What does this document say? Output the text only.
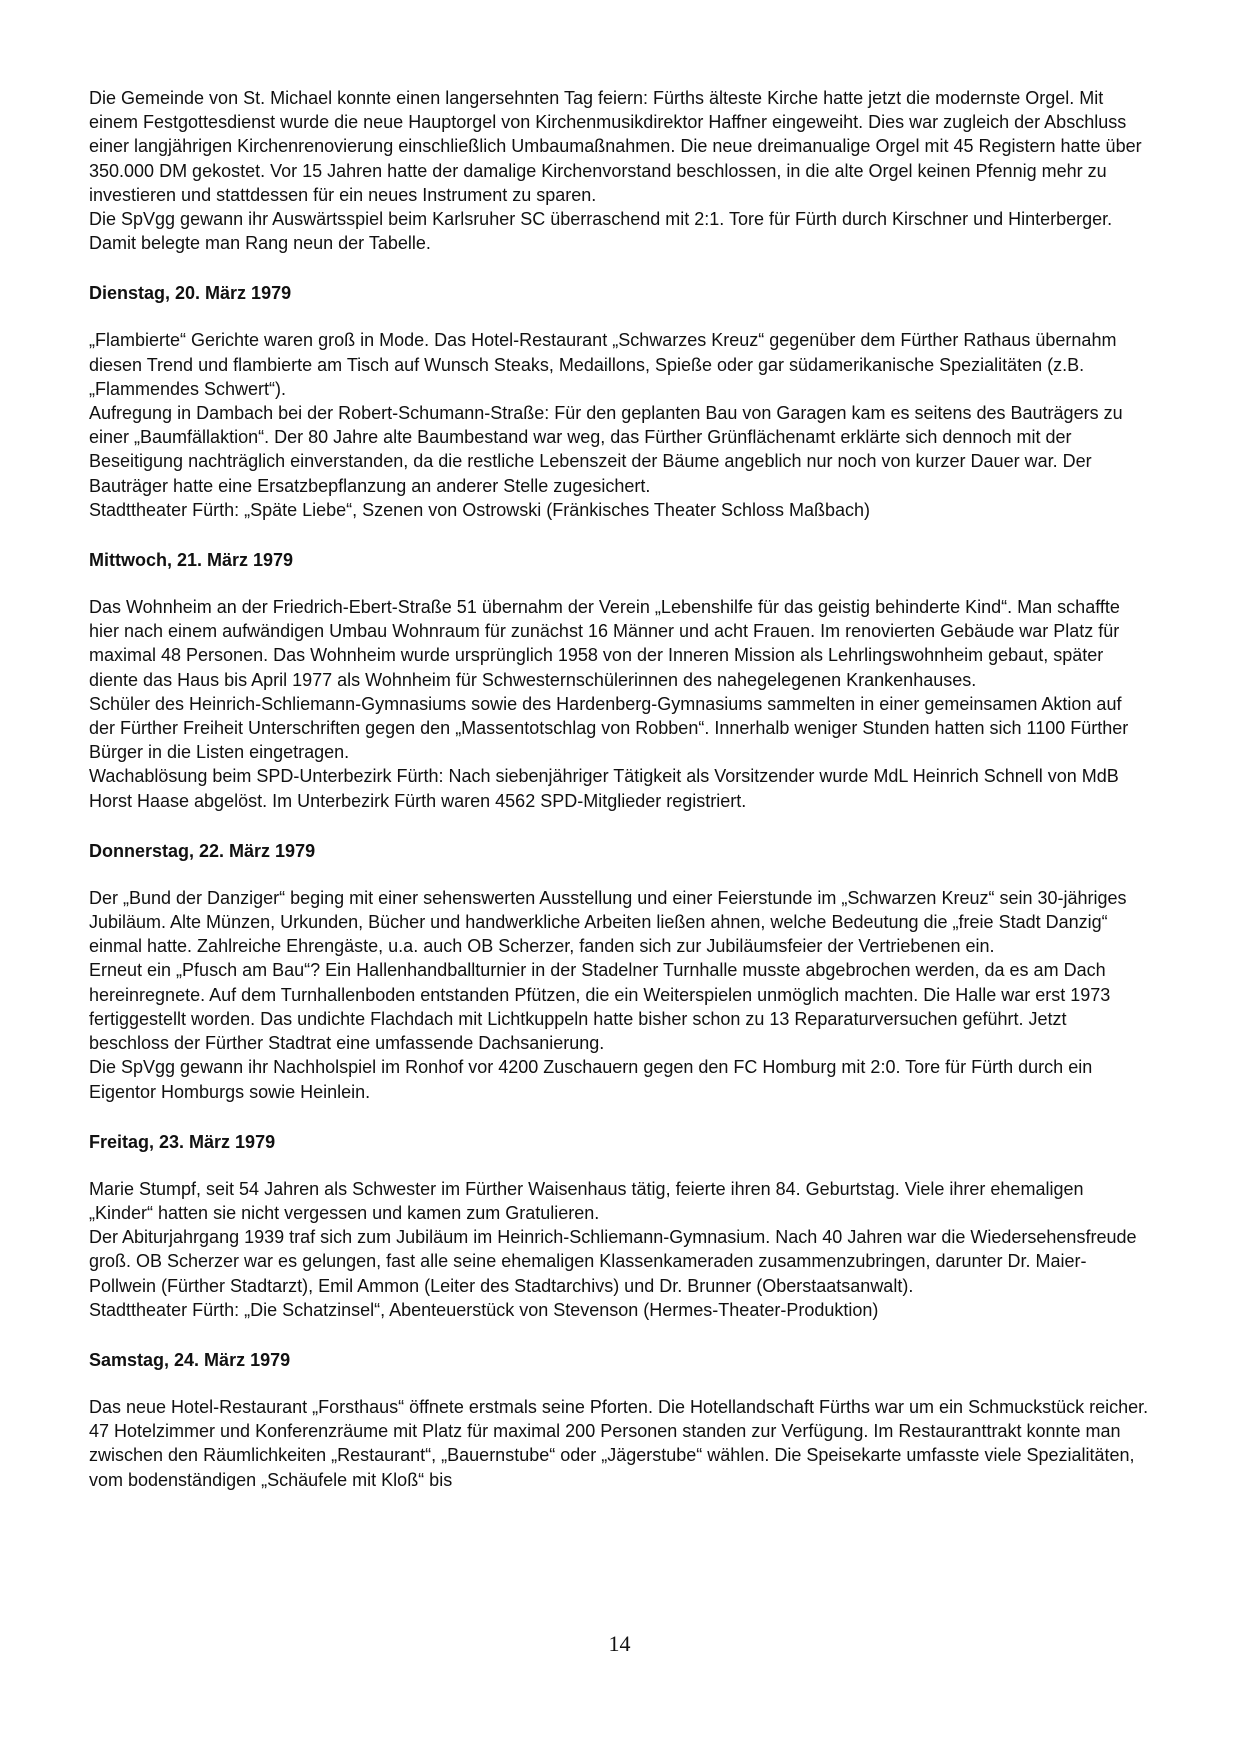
Die Gemeinde von St. Michael konnte einen langersehnten Tag feiern: Fürths älteste Kirche hatte jetzt die modernste Orgel. Mit einem Festgottesdienst wurde die neue Hauptorgel von Kirchenmusikdirektor Haffner eingeweiht. Dies war zugleich der Abschluss einer langjährigen Kirchenrenovierung einschließlich Umbaumaßnahmen. Die neue dreimanualige Orgel mit 45 Registern hatte über 350.000 DM gekostet. Vor 15 Jahren hatte der damalige Kirchenvorstand beschlossen, in die alte Orgel keinen Pfennig mehr zu investieren und stattdessen für ein neues Instrument zu sparen.

Die SpVgg gewann ihr Auswärtsspiel beim Karlsruher SC überraschend mit 2:1. Tore für Fürth durch Kirschner und Hinterberger. Damit belegte man Rang neun der Tabelle.

Dienstag, 20. März 1979

„Flambierte“ Gerichte waren groß in Mode. Das Hotel-Restaurant „Schwarzes Kreuz“ gegenüber dem Fürther Rathaus übernahm diesen Trend und flambierte am Tisch auf Wunsch Steaks, Medaillons, Spieße oder gar südamerikanische Spezialitäten (z.B. „Flammendes Schwert“).

Aufregung in Dambach bei der Robert-Schumann-Straße: Für den geplanten Bau von Garagen kam es seitens des Bauträgers zu einer „Baumfällaktion“. Der 80 Jahre alte Baumbestand war weg, das Fürther Grünflächenamt erklärte sich dennoch mit der Beseitigung nachträglich einverstanden, da die restliche Lebenszeit der Bäume angeblich nur noch von kurzer Dauer war. Der Bauträger hatte eine Ersatzbepflanzung an anderer Stelle zugesichert.

Stadttheater Fürth: „Späte Liebe“, Szenen von Ostrowski (Fränkisches Theater Schloss Maßbach)

Mittwoch, 21. März 1979

Das Wohnheim an der Friedrich-Ebert-Straße 51 übernahm der Verein „Lebenshilfe für das geistig behinderte Kind“. Man schaffte hier nach einem aufwändigen Umbau Wohnraum für zunächst 16 Männer und acht Frauen. Im renovierten Gebäude war Platz für maximal 48 Personen. Das Wohnheim wurde ursprünglich 1958 von der Inneren Mission als Lehrlingswohnheim gebaut, später diente das Haus bis April 1977 als Wohnheim für Schwesternschülerinnen des nahegelegenen Krankenhauses.

Schüler des Heinrich-Schliemann-Gymnasiums sowie des Hardenberg-Gymnasiums sammelten in einer gemeinsamen Aktion auf der Fürther Freiheit Unterschriften gegen den „Massentotschlag von Robben“. Innerhalb weniger Stunden hatten sich 1100 Fürther Bürger in die Listen eingetragen.

Wachablösung beim SPD-Unterbezirk Fürth: Nach siebenjähriger Tätigkeit als Vorsitzender wurde MdL Heinrich Schnell von MdB Horst Haase abgelöst. Im Unterbezirk Fürth waren 4562 SPD-Mitglieder registriert.

Donnerstag, 22. März 1979

Der „Bund der Danziger“ beging mit einer sehenswerten Ausstellung und einer Feierstunde im „Schwarzen Kreuz“ sein 30-jähriges Jubiläum. Alte Münzen, Urkunden, Bücher und handwerkliche Arbeiten ließen ahnen, welche Bedeutung die „freie Stadt Danzig“ einmal hatte. Zahlreiche Ehrengäste, u.a. auch OB Scherzer, fanden sich zur Jubiläumsfeier der Vertriebenen ein.

Erneut ein „Pfusch am Bau“? Ein Hallenhandballturnier in der Stadelner Turnhalle musste abgebrochen werden, da es am Dach hereinregnete. Auf dem Turnhallenboden entstanden Pfützen, die ein Weiterspielen unmöglich machten. Die Halle war erst 1973 fertiggestellt worden. Das undichte Flachdach mit Lichtkuppeln hatte bisher schon zu 13 Reparaturversuchen geführt. Jetzt beschloss der Fürther Stadtrat eine umfassende Dachsanierung.

Die SpVgg gewann ihr Nachholspiel im Ronhof vor 4200 Zuschauern gegen den FC Homburg mit 2:0. Tore für Fürth durch ein Eigentor Homburgs sowie Heinlein.

Freitag, 23. März 1979

Marie Stumpf, seit 54 Jahren als Schwester im Fürther Waisenhaus tätig, feierte ihren 84. Geburtstag. Viele ihrer ehemaligen „Kinder“ hatten sie nicht vergessen und kamen zum Gratulieren.

Der Abiturjahrgang 1939 traf sich zum Jubiläum im Heinrich-Schliemann-Gymnasium. Nach 40 Jahren war die Wiedersehensfreude groß. OB Scherzer war es gelungen, fast alle seine ehemaligen Klassenkameraden zusammenzubringen, darunter Dr. Maier-Pollwein (Fürther Stadtarzt), Emil Ammon (Leiter des Stadtarchivs) und Dr. Brunner (Oberstaatsanwalt).

Stadttheater Fürth: „Die Schatzinsel“, Abenteuerstück von Stevenson (Hermes-Theater-Produktion)

Samstag, 24. März 1979

Das neue Hotel-Restaurant „Forsthaus“ öffnete erstmals seine Pforten. Die Hotellandschaft Fürths war um ein Schmuckstück reicher. 47 Hotelzimmer und Konferenzräume mit Platz für maximal 200 Personen standen zur Verfügung. Im Restauranttrakt konnte man zwischen den Räumlichkeiten „Restaurant“, „Bauernstube“ oder „Jägerstube“ wählen. Die Speisekarte umfasste viele Spezialitäten, vom bodenständigen „Schäufele mit Kloß“ bis

14
